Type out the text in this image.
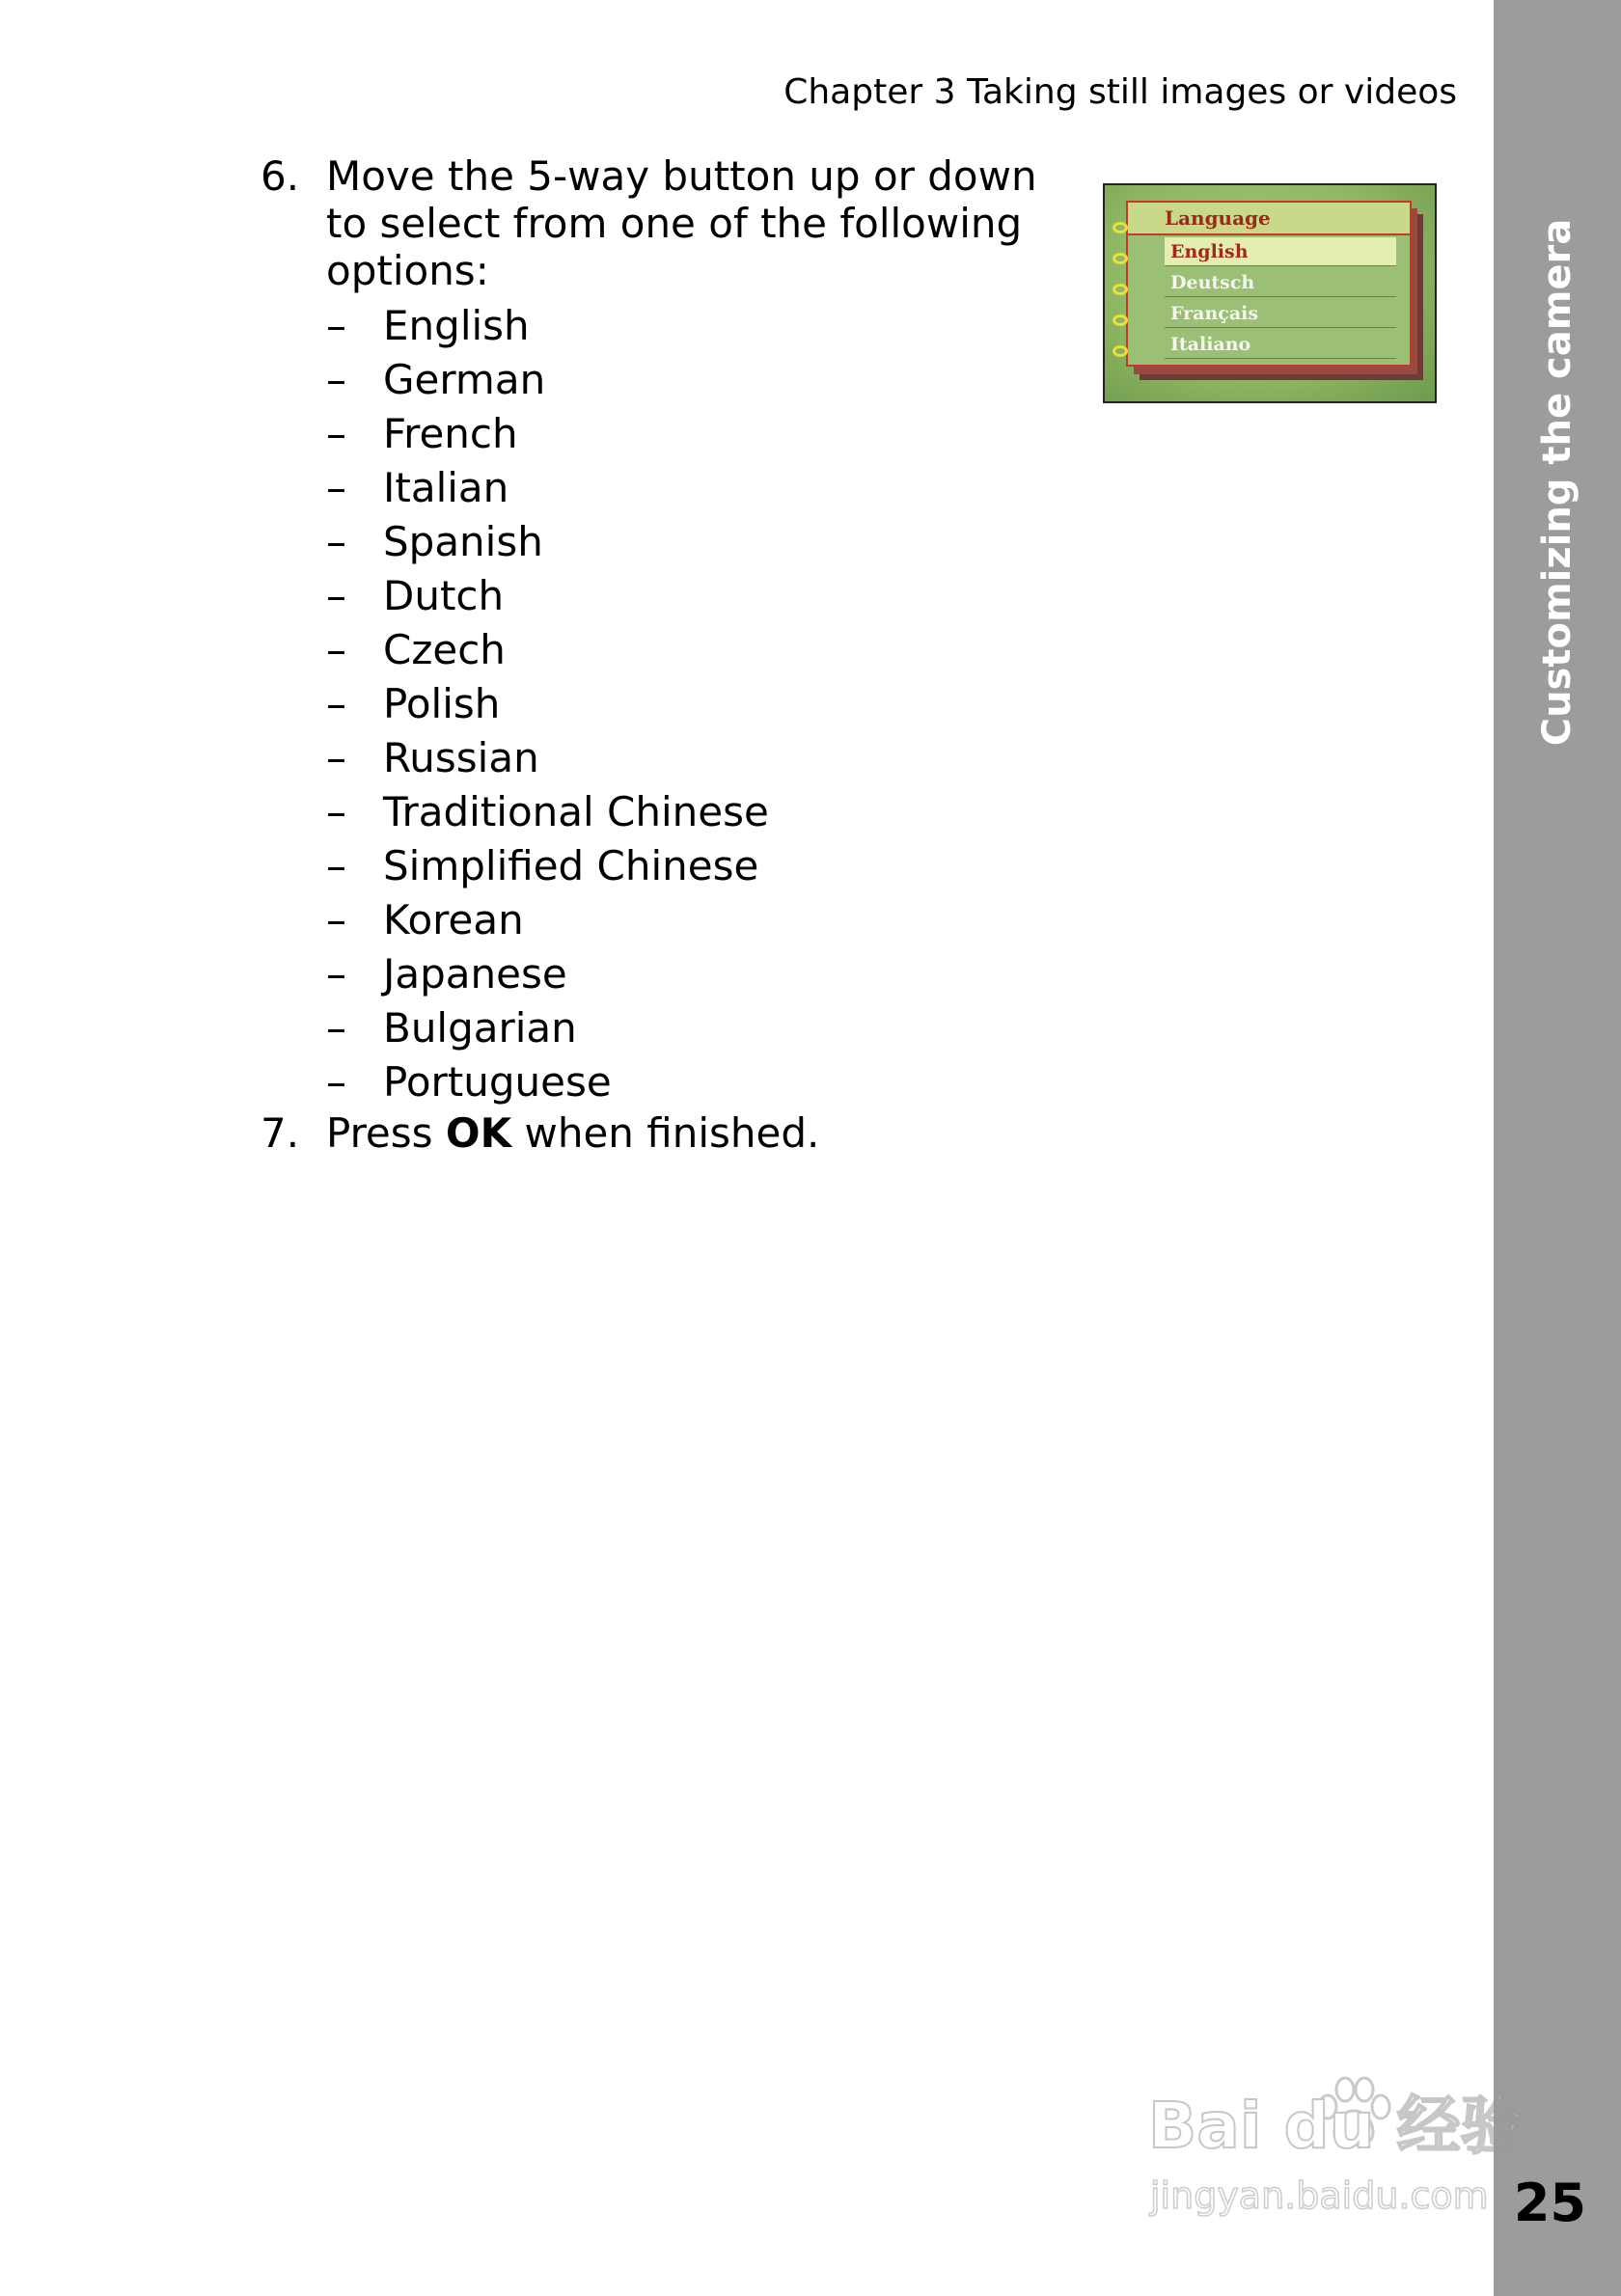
Chapter 3 Taking still images or videos
6. Move the 5-way button up or down to select from one of the following options:
– English
– German
– French
– Italian
– Spanish
– Dutch
– Czech
– Polish
– Russian
– Traditional Chinese
– Simplified Chinese
– Korean
– Japanese
– Bulgarian
– Portuguese
7. Press OK when finished.
Language
English
Deutsch
Français
Italiano	Customizing the camera
Bai du 经验
jingyan.baidu.com 25
